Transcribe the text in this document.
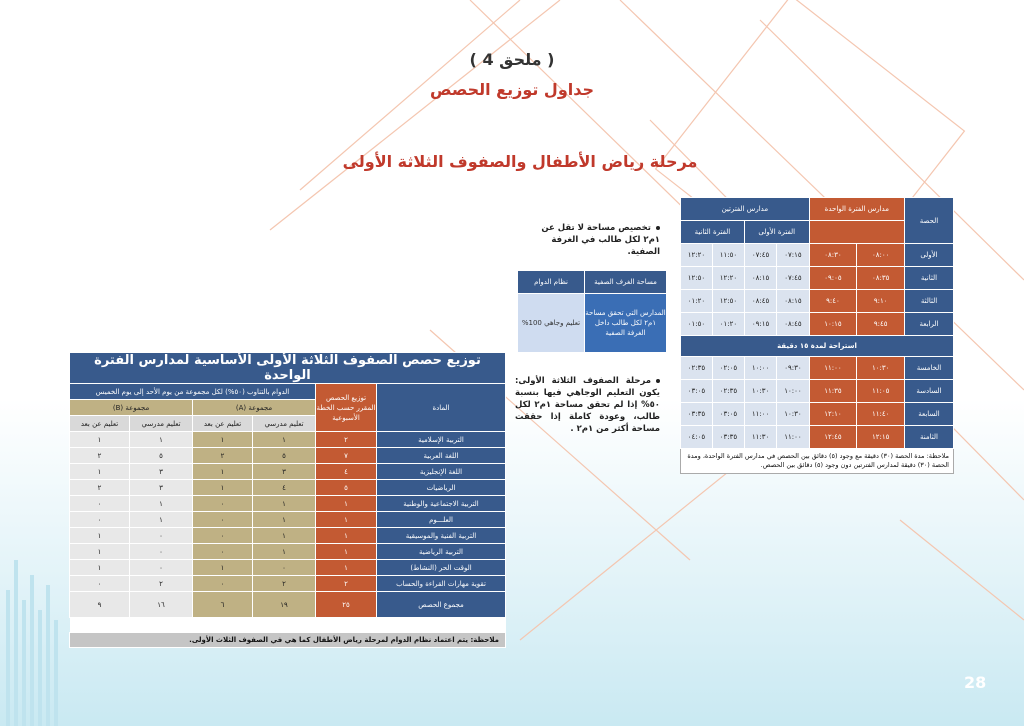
( ملحق 4 )
جداول توزيع الحصص
مرحلة رياض الأطفال والصفوف الثلاثة الأولى
الحصة	مدارس الفترة الواحدة		مدارس الفترتين			
			الفترة الأولى		الفترة الثانية	
الأولى	٠٨:٠٠	٠٨:٣٠	٠٧:١٥	٠٧:٤٥	١١:٥٠	١٢:٢٠
الثانية	٠٨:٣٥	٠٩:٠٥	٠٧:٤٥	٠٨:١٥	١٢:٢٠	١٢:٥٠
الثالثة	٩:١٠	٩:٤٠	٠٨:١٥	٠٨:٤٥	١٢:٥٠	٠١:٢٠
الرابعة	٩:٤٥	١٠:١٥	٠٨:٤٥	٠٩:١٥	٠١:٢٠	٠١:٥٠
استراحة لمدة ١٥ دقيقة						
الخامسة	١٠:٣٠	١١:٠٠	٠٩:٣٠	١٠:٠٠	٠٢:٠٥	٠٢:٣٥
السادسة	١١:٠٥	١١:٣٥	١٠:٠٠	١٠:٣٠	٠٢:٣٥	٠٣:٠٥
السابعة	١١:٤٠	١٢:١٠	١٠:٣٠	١١:٠٠	٠٣:٠٥	٠٣:٣٥
الثامنة	١٢:١٥	١٢:٤٥	١١:٠٠	١١:٣٠	٠٣:٣٥	٠٤:٠٥
ملاحظة: مدة الحصة (٣٠) دقيقة مع وجود (٥) دقائق بين الحصص في مدارس الفترة الواحدة، ومدة الحصة (٣٠) دقيقة لمدارس الفترتين دون وجود (٥) دقائق بين الحصص.						
تخصيص مساحة لا تقل عن ١م٢ لكل طالب في الغرفة الصفية.
مساحة الغرف الصفية	نظام الدوام
المدارس التي تحقق مساحة ١م٢ لكل طالب داخل الغرفة الصفية	تعليم وجاهي 100%
مرحلة الصفوف الثلاثة الأولى: يكون التعليم الوجاهي فيها بنسبة ٥٠% إذا لم تحقق مساحة ١م٢ لكل طالب، وعودة كاملة إذا حققت مساحة أكثر من ١م٢ .
توزيع حصص الصفوف الثلاثة الأولى الأساسية لمدارس الفترة الواحدة					
المادة	توزيع الحصص المقرر حسب الخطة الأسبوعية	الدوام بالتناوب (٥٠%) لكل مجموعة من يوم الأحد إلى يوم الخميس			
		مجموعة (A)		مجموعة (B)	
		تعليم مدرسي	تعليم عن بعد	تعليم مدرسي	تعليم عن بعد
التربية الإسلامية	٢	١	١	١	١
اللغة العربية	٧	٥	٢	٥	٢
اللغة الإنجليزية	٤	٣	١	٣	١
الرياضيات	٥	٤	١	٣	٢
التربية الاجتماعية والوطنية	١	١	٠	١	٠
العلـــوم	١	١	٠	١	٠
التربية الفنية والموسيقية	١	١	٠	٠	١
التربية الرياضية	١	١	٠	٠	١
الوقت الحر (النشاط)	١	٠	١	٠	١
تقوية مهارات القراءة والحساب	٢	٢	٠	٢	٠
مجموع الحصص	٢٥	١٩	٦	١٦	٩

ملاحظة: يتم اعتماد نظام الدوام لمرحلة رياض الأطفال كما هي في الصفوف الثلاث الأولى.					
28
